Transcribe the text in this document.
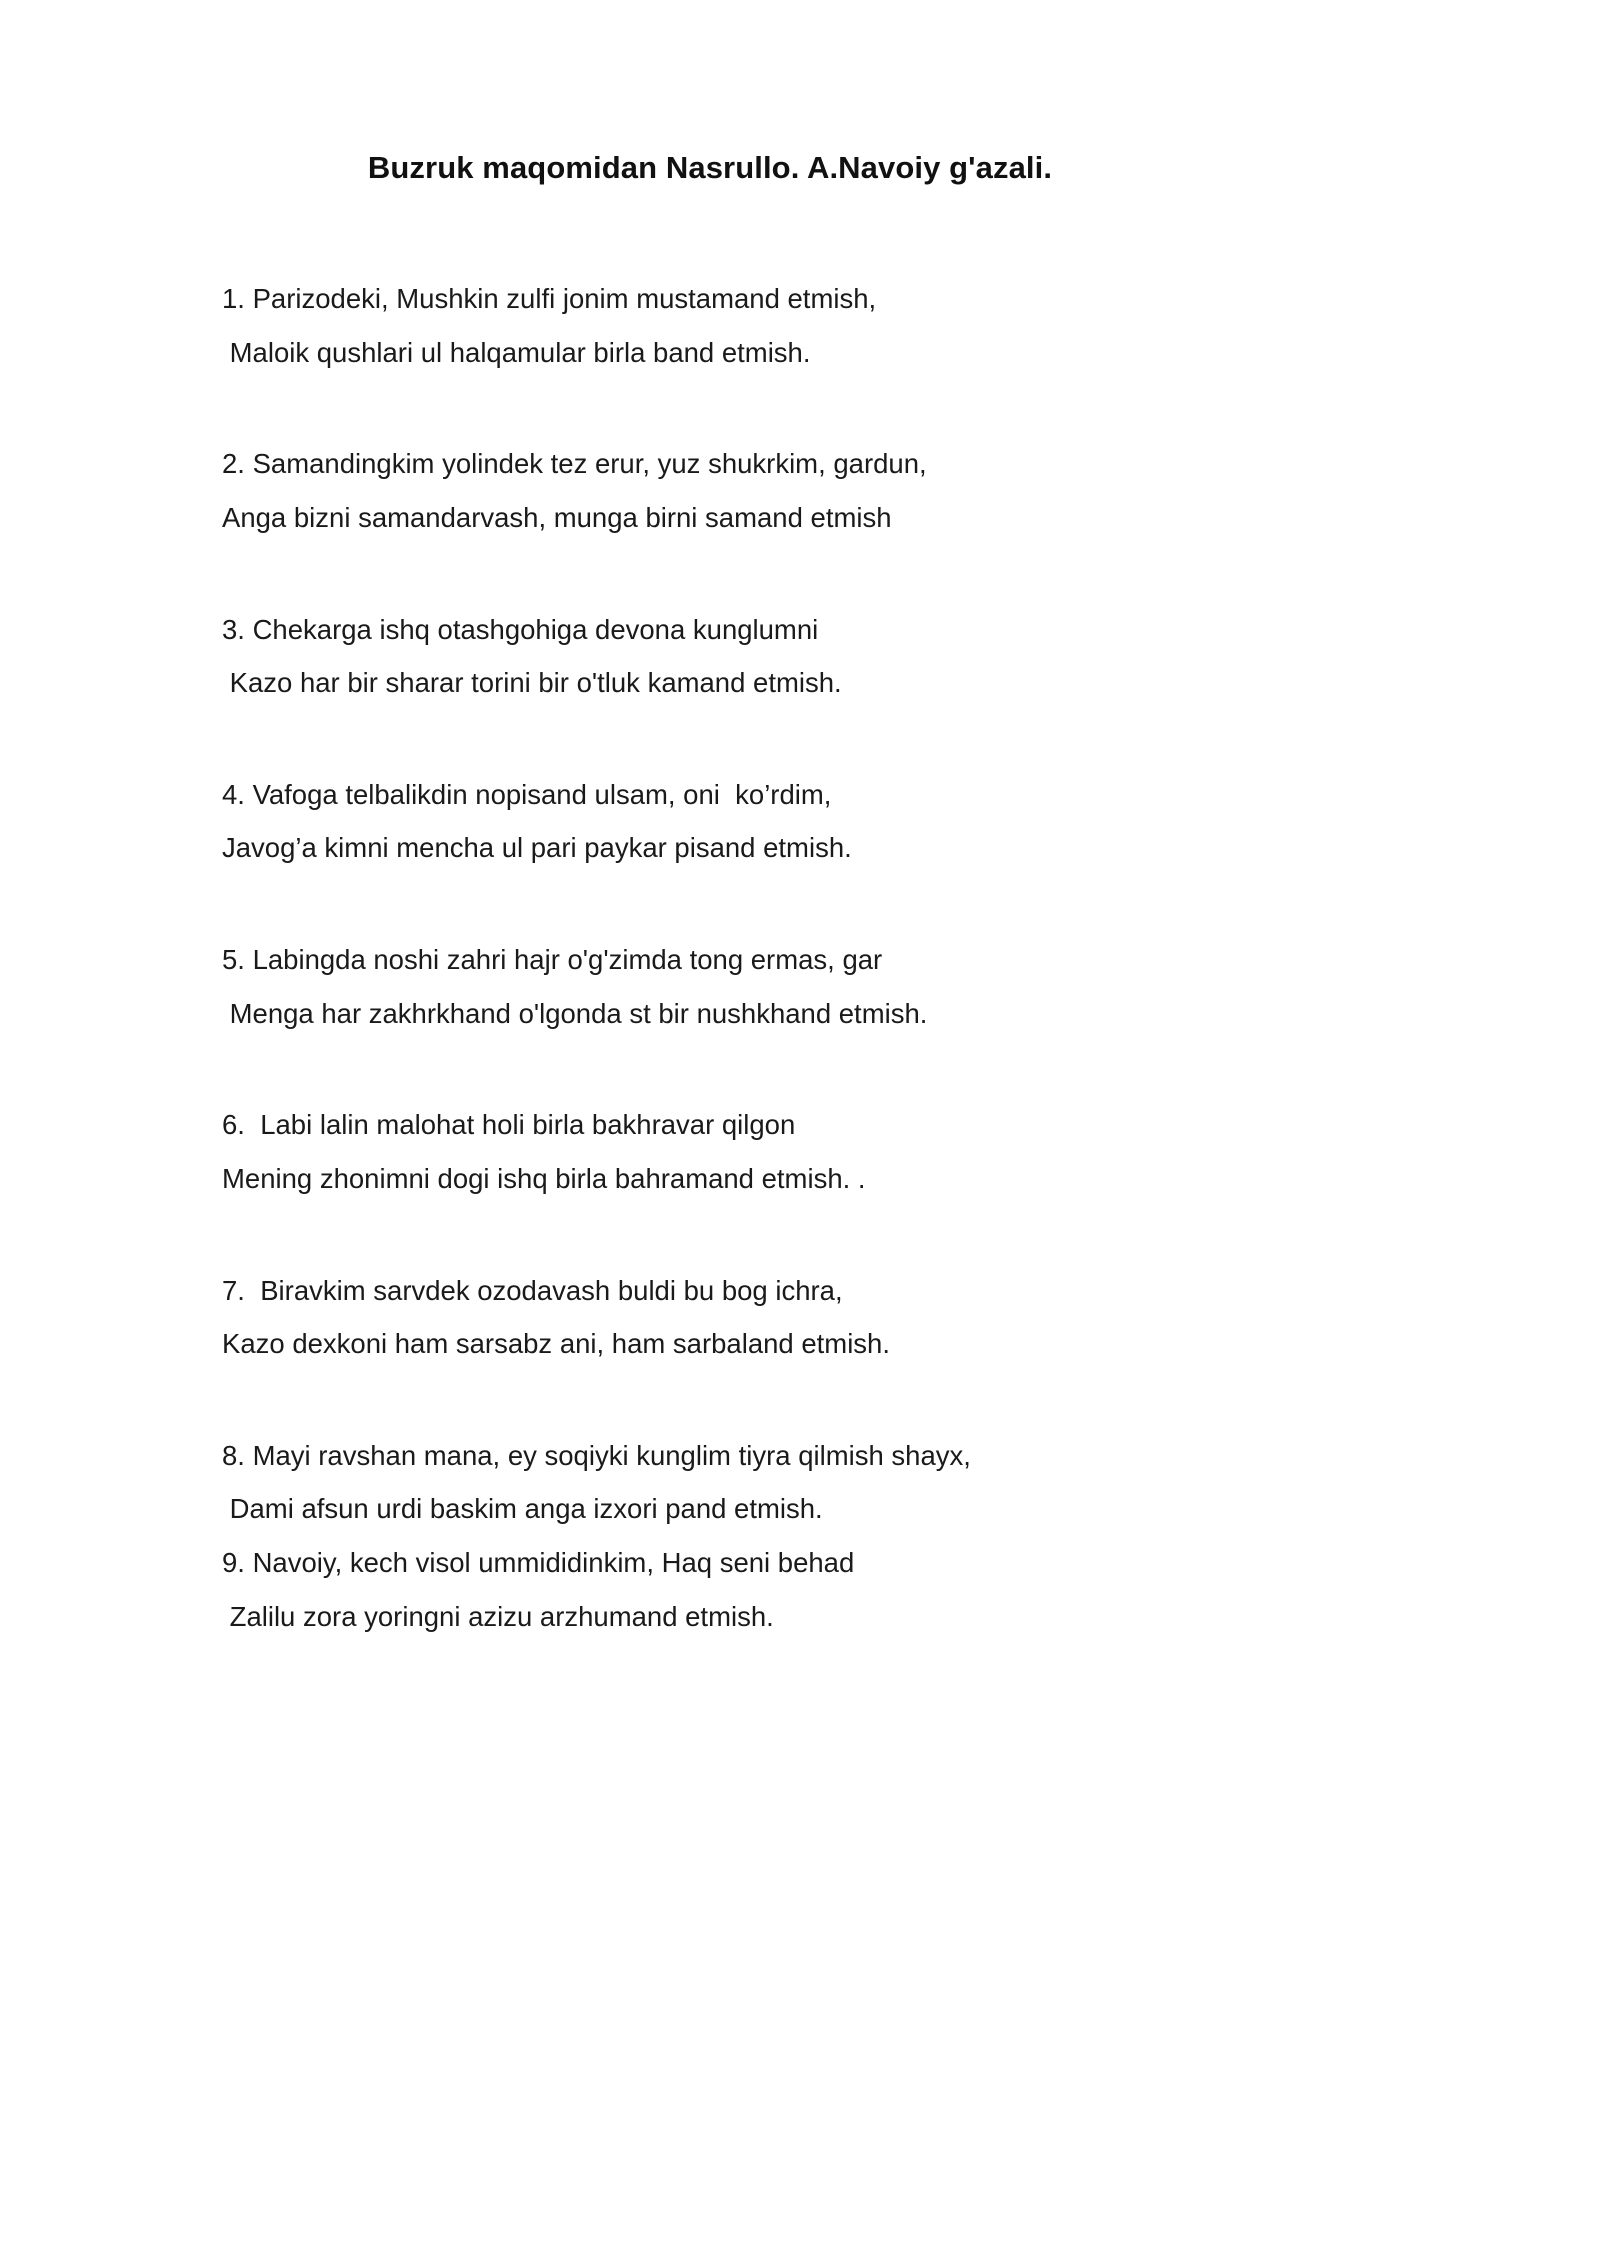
Buzruk maqomidan Nasrullo. A.Navoiy g'azali.
1. Parizodeki, Mushkin zulfi jonim mustamand etmish,
Maloik qushlari ul halqamular birla band etmish.
2. Samandingkim yolindek tez erur, yuz shukrkim, gardun,
Anga bizni samandarvash, munga birni samand etmish
3. Chekarga ishq otashgohiga devona kunglumni
Kazo har bir sharar torini bir o'tluk kamand etmish.
4. Vafoga telbalikdin nopisand ulsam, oni  ko’rdim,
Javog’a kimni mencha ul pari paykar pisand etmish.
5. Labingda noshi zahri hajr o'g'zimda tong ermas, gar
Menga har zakhrkhand o'lgonda st bir nushkhand etmish.
6.  Labi lalin malohat holi birla bakhravar qilgon
Mening zhonimni dogi ishq birla bahramand etmish. .
7.  Biravkim sarvdek ozodavash buldi bu bog ichra,
Kazo dexkoni ham sarsabz ani, ham sarbaland etmish.
8. Mayi ravshan mana, ey soqiyki kunglim tiyra qilmish shayx,
Dami afsun urdi baskim anga izxori pand etmish.
9. Navoiy, kech visol ummididinkim, Haq seni behad
Zalilu zora yoringni azizu arzhumand etmish.
